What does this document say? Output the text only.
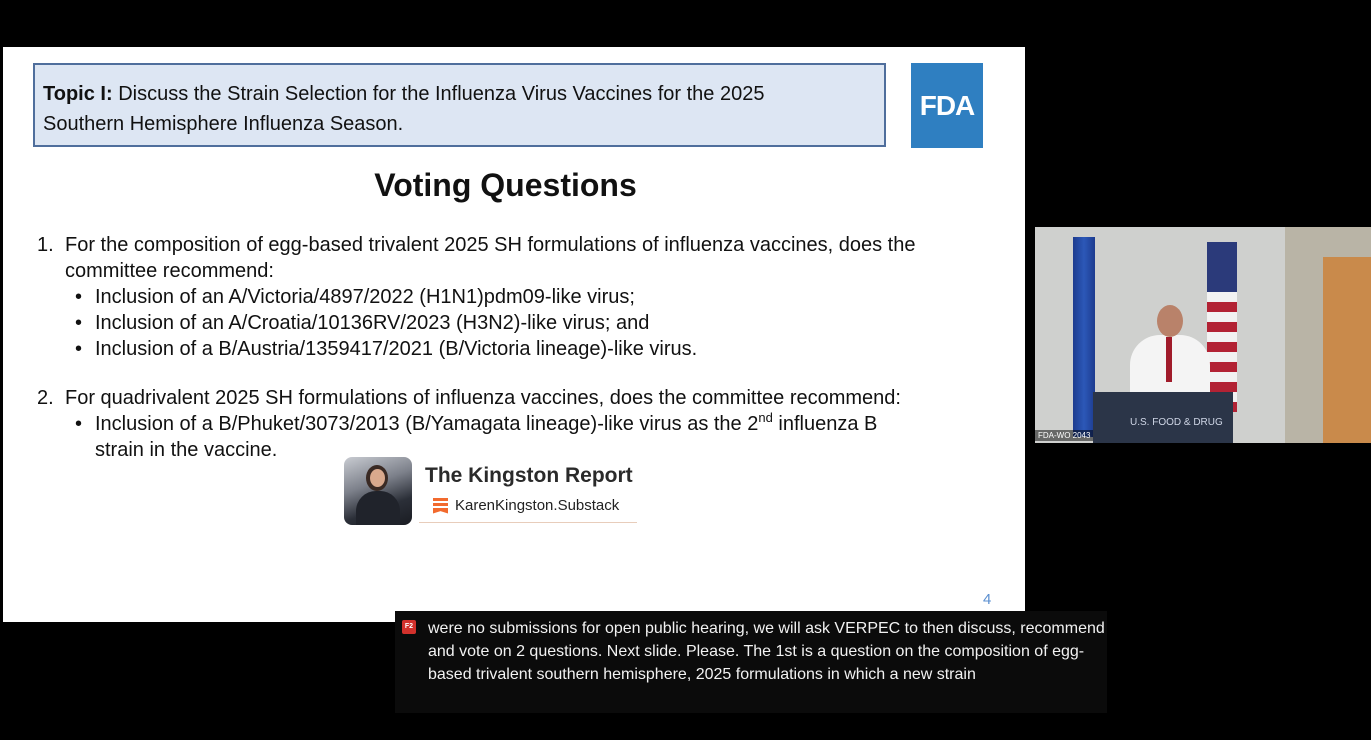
Topic I: Discuss the Strain Selection for the Influenza Virus Vaccines for the 2025
Southern Hemisphere Influenza Season.
FDA
Voting Questions
1. For the composition of egg-based trivalent 2025 SH formulations of influenza vaccines, does the
committee recommend:
• Inclusion of an A/Victoria/4897/2022 (H1N1)pdm09-like virus;
• Inclusion of an A/Croatia/10136RV/2023 (H3N2)-like virus; and
• Inclusion of a B/Austria/1359417/2021 (B/Victoria lineage)-like virus.
2. For quadrivalent 2025 SH formulations of influenza vaccines, does the committee recommend:
• Inclusion of a B/Phuket/3073/2013 (B/Yamagata lineage)-like virus as the 2nd influenza B
strain in the vaccine.
4
The Kingston Report
KarenKingston.Substack
U.S. FOOD & DRUG
FDA-WO 2043
F2 were no submissions for open public hearing, we will ask VERPEC to then discuss, recommend and vote on 2 questions. Next slide. Please. The 1st is a question on the composition of egg-based trivalent southern hemisphere, 2025 formulations in which a new strain
